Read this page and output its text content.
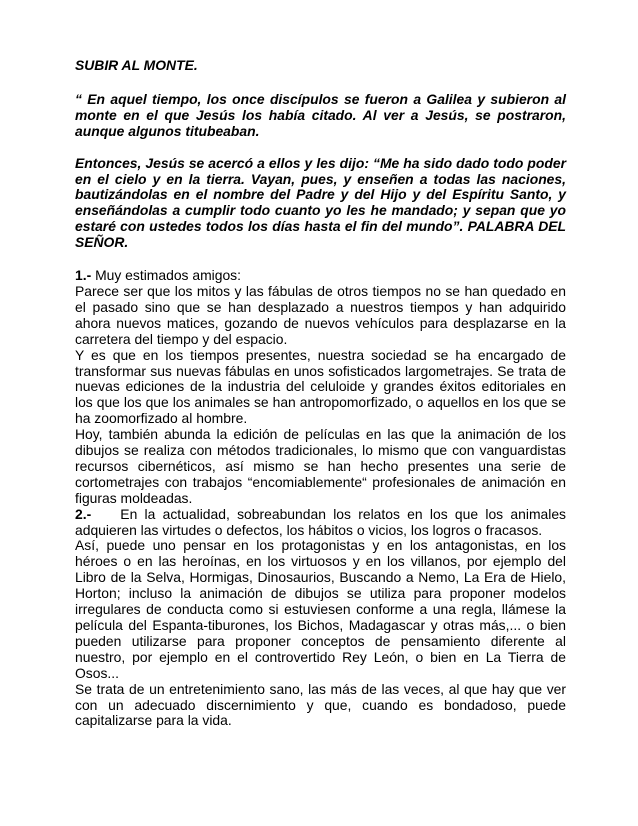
SUBIR AL MONTE.

“ En aquel tiempo, los once discípulos se fueron a Galilea y subieron al monte en el que Jesús los había citado. Al ver a Jesús, se postraron, aunque algunos titubeaban.

Entonces, Jesús se acercó a ellos y les dijo: “Me ha sido dado todo poder en el cielo y en la tierra. Vayan, pues, y enseñen a todas las naciones, bautizándolas en el nombre del Padre y del Hijo y del Espíritu Santo, y enseñándolas a cumplir todo cuanto yo les he mandado; y sepan que yo estaré con ustedes todos los días hasta el fin del mundo”. PALABRA DEL SEÑOR.

1.- Muy estimados amigos:

Parece ser que los mitos y las fábulas de otros tiempos no se han quedado en el pasado sino que se han desplazado a nuestros tiempos y han adquirido ahora nuevos matices, gozando de nuevos vehículos para desplazarse en la carretera del tiempo y del espacio.

Y es que en los tiempos presentes, nuestra sociedad se ha encargado de transformar sus nuevas fábulas en unos sofisticados largometrajes. Se trata de nuevas ediciones de la industria del celuloide y grandes éxitos editoriales en los que los que los animales se han antropomorfizado, o aquellos en los que se ha zoomorfizado al hombre.

Hoy, también abunda la edición de películas en las que la animación de los dibujos se realiza con métodos tradicionales, lo mismo que con vanguardistas recursos cibernéticos, así mismo se han hecho presentes una serie de cortometrajes con trabajos “encomiablemente“ profesionales de animación en figuras moldeadas.

2.-    En la actualidad, sobreabundan los relatos en los que los animales adquieren las virtudes o defectos, los hábitos o vicios, los logros o fracasos.

Así, puede uno pensar en los protagonistas y en los antagonistas, en los héroes o en las heroínas, en los virtuosos y en los villanos, por ejemplo del Libro de la Selva, Hormigas, Dinosaurios, Buscando a Nemo, La Era de Hielo, Horton; incluso la animación de dibujos se utiliza para proponer modelos irregulares de conducta como si estuviesen conforme a una regla, llámese la película del Espanta-tiburones, los Bichos, Madagascar y otras más,... o bien pueden utilizarse para proponer conceptos de pensamiento diferente al nuestro, por ejemplo en el controvertido Rey León, o bien en La Tierra de Osos...

Se trata de un entretenimiento sano, las más de las veces, al que hay que ver con un adecuado discernimiento y que, cuando es bondadoso, puede capitalizarse para la vida.
